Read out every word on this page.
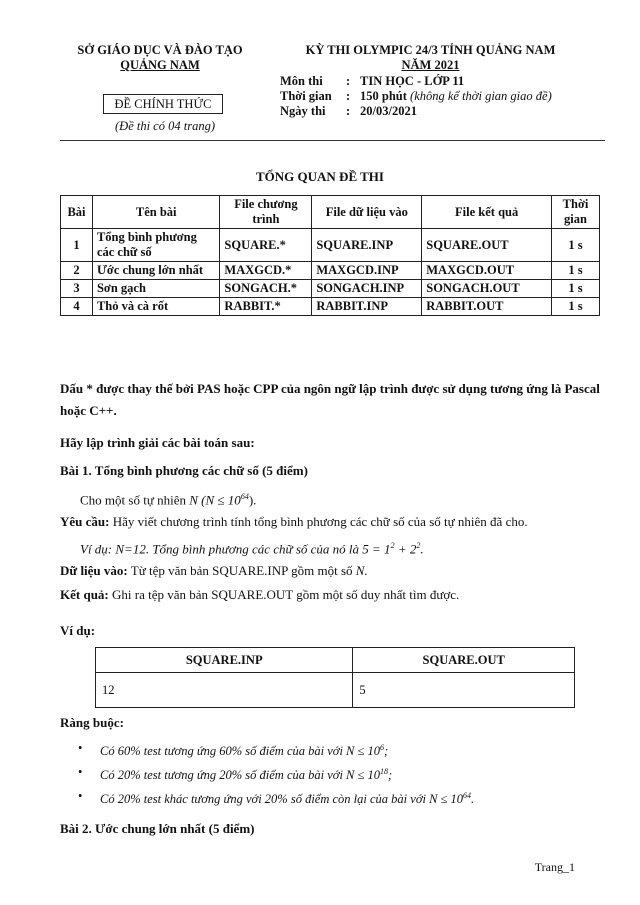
SỞ GIÁO DỤC VÀ ĐÀO TẠO
QUẢNG NAM
ĐỀ CHÍNH THỨC
(Đề thi có 04 trang)
KỲ THI OLYMPIC 24/3 TỈNH QUẢNG NAM
NĂM 2021
Môn thi	: TIN HỌC - LỚP 11
Thời gian	: 150 phút
(không kể thời gian giao đề)
Ngày thi	: 20/03/2021
TỔNG QUAN ĐỀ THI
Bài	Tên bài	File chương trình	File dữ liệu vào	File kết quả	Thời gian
1	Tổng bình phương các chữ số	SQUARE.*	SQUARE.INP	SQUARE.OUT	1 s
2	Ước chung lớn nhất	MAXGCD.*	MAXGCD.INP	MAXGCD.OUT	1 s
3	Sơn gạch	SONGACH.*	SONGACH.INP	SONGACH.OUT	1 s
4	Thỏ và cà rốt	RABBIT.*	RABBIT.INP	RABBIT.OUT	1 s
Dấu * được thay thế bởi PAS hoặc CPP của ngôn ngữ lập trình được sử dụng tương ứng là Pascal hoặc C++.
Hãy lập trình giải các bài toán sau:
Bài 1. Tổng bình phương các chữ số (5 điểm)
Cho một số tự nhiên N $(N \le 10^{64})$.
Yêu cầu: Hãy viết chương trình tính tổng bình phương các chữ số của số tự nhiên đã cho.
Ví dụ: N=12. Tổng bình phương các chữ số của nó là $5 = 1^2 + 2^2$.
Dữ liệu vào: Từ tệp văn bản SQUARE.INP gồm một số N.
Kết quả: Ghi ra tệp văn bản SQUARE.OUT gồm một số duy nhất tìm được.
Ví dụ:
SQUARE.INP	SQUARE.OUT
12	5
Ràng buộc:
•	Có 60% test tương ứng 60% số điểm của bài với $N \le 10^6$;
•	Có 20% test tương ứng 20% số điểm của bài với $N \le 10^{18}$;
•	Có 20% test khác tương ứng với 20% số điểm còn lại của bài với $N \le 10^{64}$.
Bài 2. Ước chung lớn nhất (5 điểm)
Trang_1
